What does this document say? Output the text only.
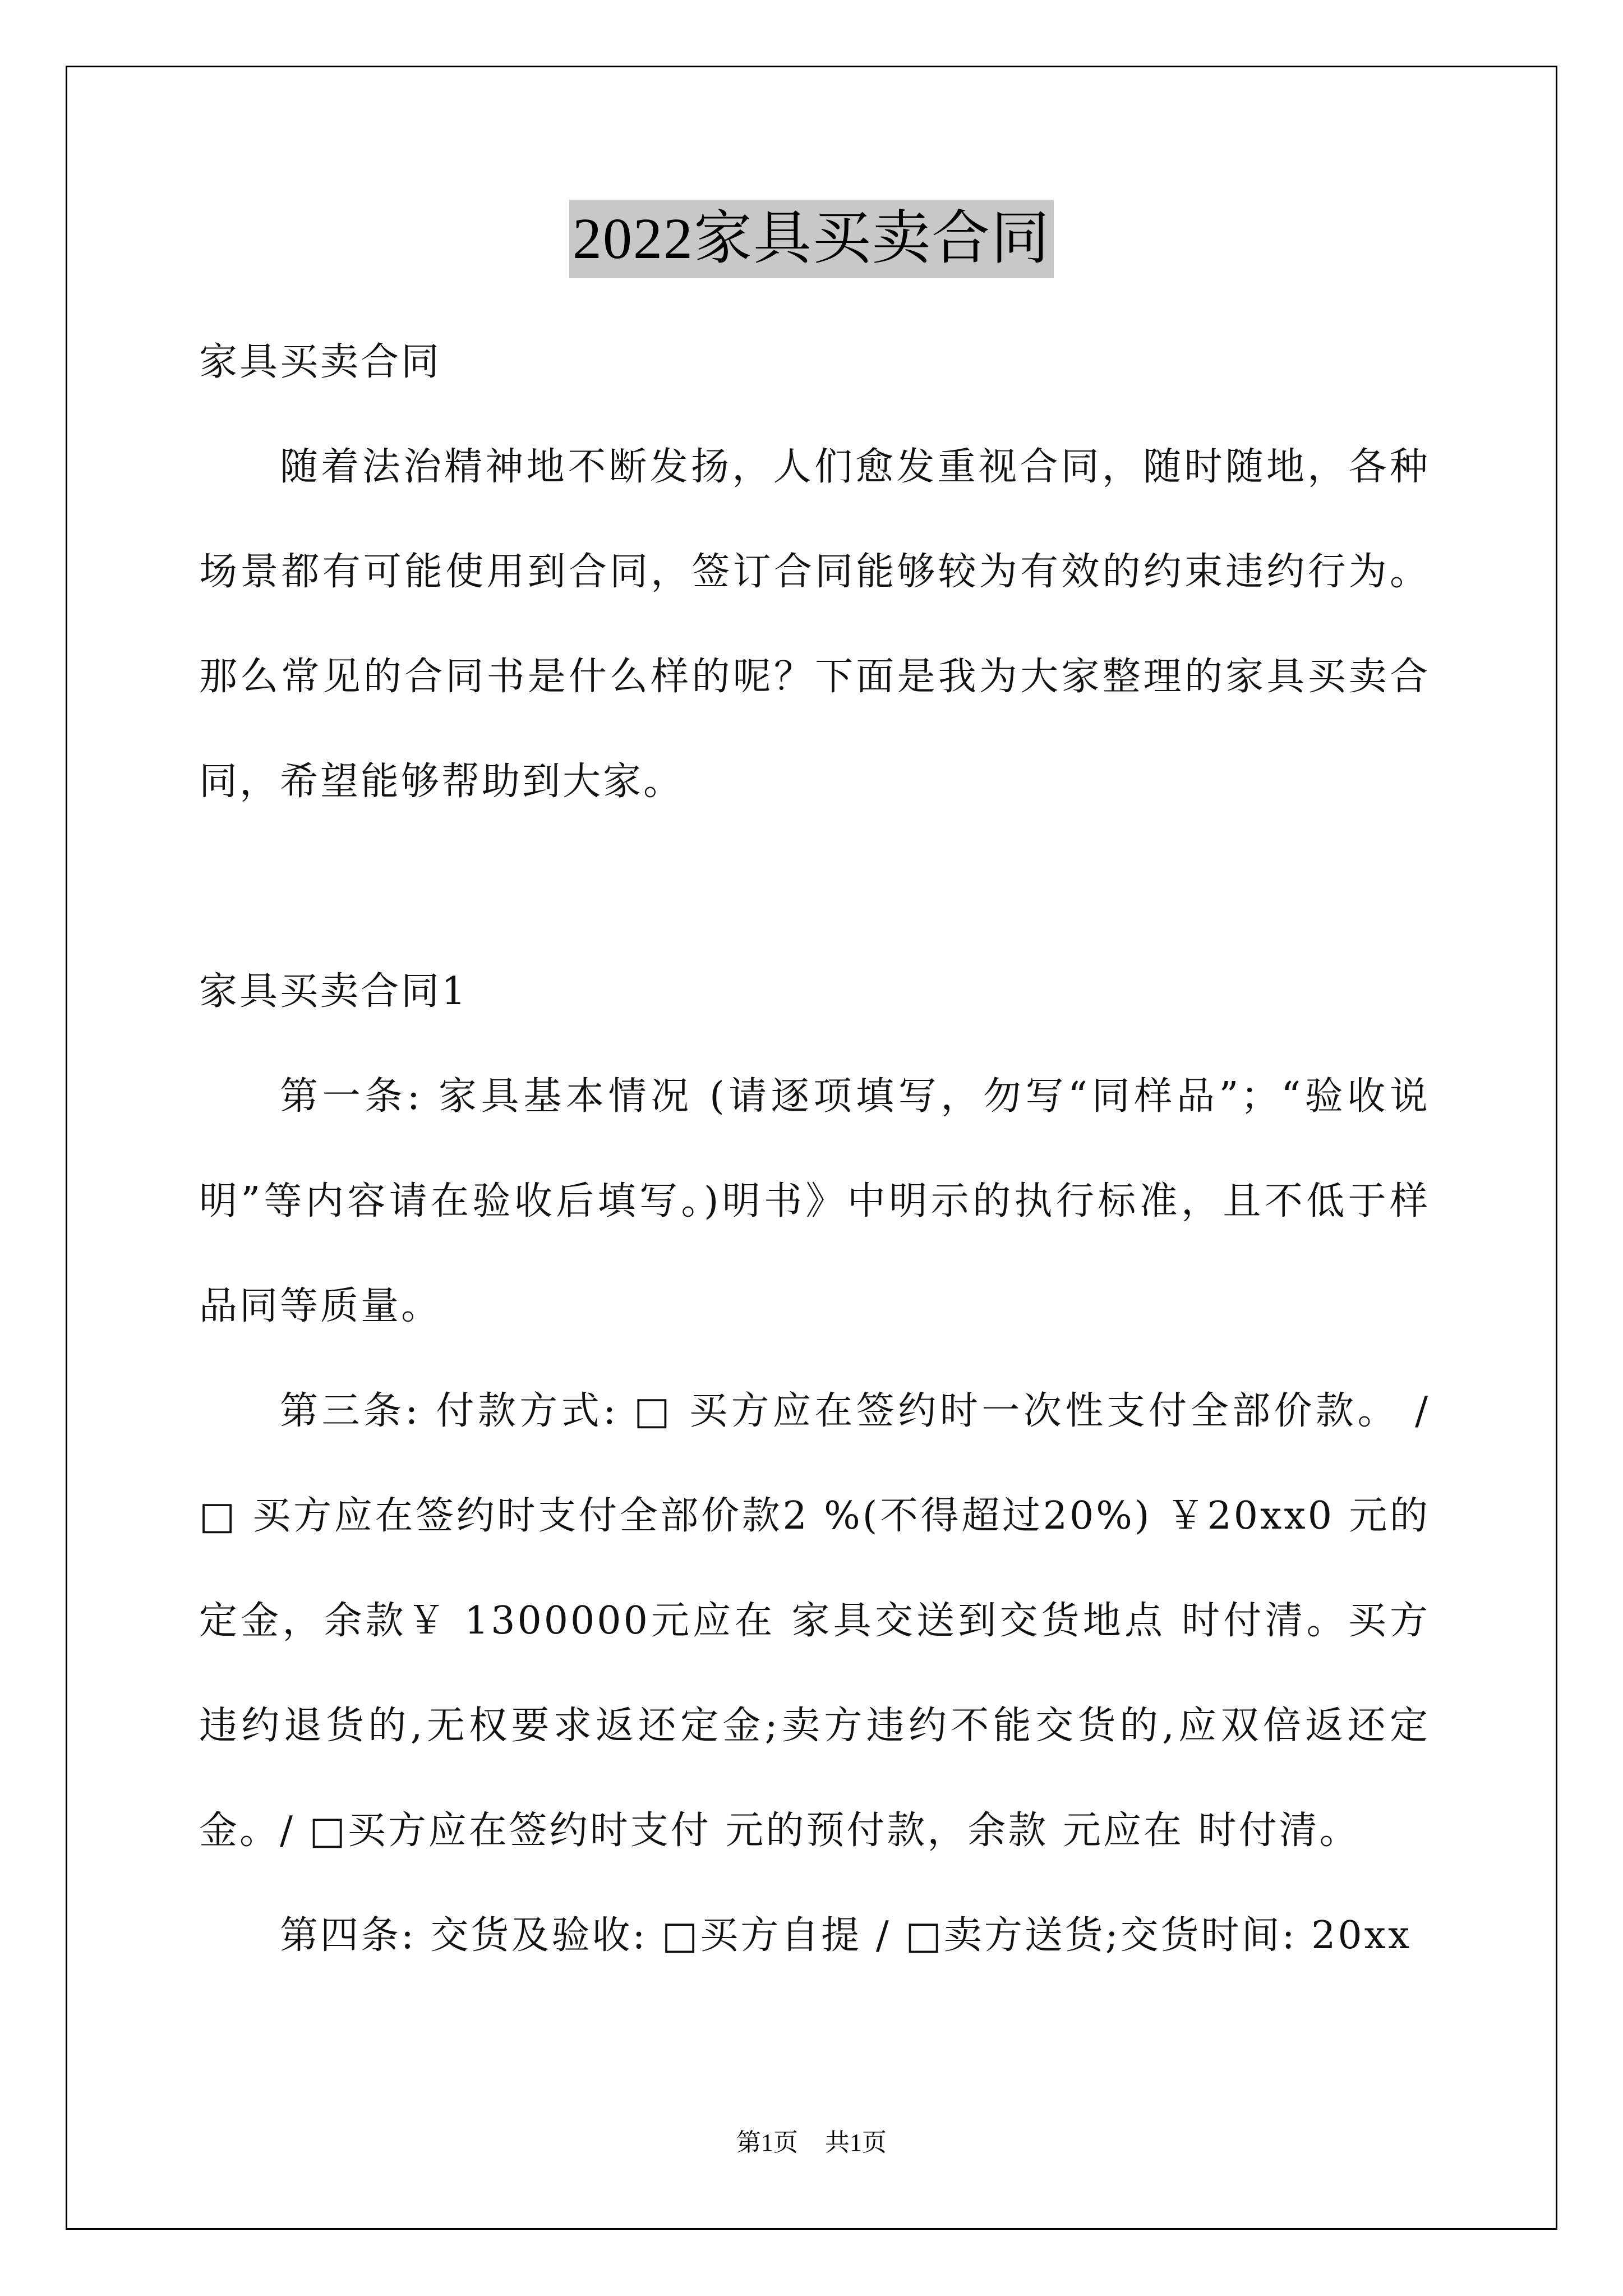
2022家具买卖合同

家具买卖合同

随着法治精神地不断发扬，人们愈发重视合同，随时随地，各种场景都有可能使用到合同，签订合同能够较为有效的约束违约行为。那么常见的合同书是什么样的呢？下面是我为大家整理的家具买卖合同，希望能够帮助到大家。

家具买卖合同1

第一条: 家具基本情况 (请逐项填写，勿写“同样品”；“验收说明”等内容请在验收后填写。)明书》中明示的执行标准，且不低于样品同等质量。

第三条: 付款方式: □ 买方应在签约时一次性支付全部价款。 / □ 买方应在签约时支付全部价款2 %(不得超过20%) ￥20xx0 元的定金，余款￥ 1300000元应在 家具交送到交货地点 时付清。买方违约退货的,无权要求返还定金;卖方违约不能交货的,应双倍返还定金。/ □买方应在签约时支付 元的预付款，余款 元应在 时付清。

第四条: 交货及验收: □买方自提 / □卖方送货;交货时间: 20xx

第1页 共1页
